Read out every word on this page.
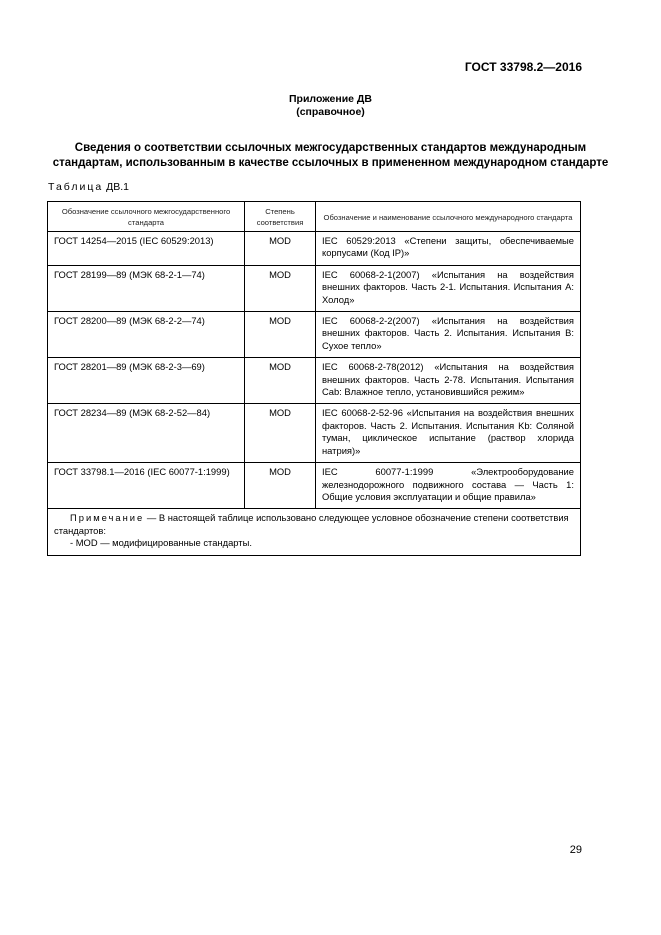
ГОСТ 33798.2—2016
Приложение ДВ
(справочное)
Сведения о соответствии ссылочных межгосударственных стандартов международным стандартам, использованным в качестве ссылочных в примененном международном стандарте
Таблица ДВ.1
Обозначение ссылочного межгосударственного стандарта	Степень соответствия	Обозначение и наименование ссылочного международного стандарта
ГОСТ 14254—2015 (IEC 60529:2013)	MOD	IEC 60529:2013 «Степени защиты, обеспечиваемые корпусами (Код IP)»
ГОСТ 28199—89 (МЭК 68-2-1—74)	MOD	IEC 60068-2-1(2007) «Испытания на воздействия внешних факторов. Часть 2-1. Испытания. Испытания А: Холод»
ГОСТ 28200—89 (МЭК 68-2-2—74)	MOD	IEC 60068-2-2(2007) «Испытания на воздействия внешних факторов. Часть 2. Испытания. Испытания В: Сухое тепло»
ГОСТ 28201—89 (МЭК 68-2-3—69)	MOD	IEC 60068-2-78(2012) «Испытания на воздействия внешних факторов. Часть 2-78. Испытания. Испытания Cab: Влажное тепло, установившийся режим»
ГОСТ 28234—89 (МЭК 68-2-52—84)	MOD	IEC 60068-2-52-96 «Испытания на воздействия внешних факторов. Часть 2. Испытания. Испытания Kb: Соляной туман, циклическое испытание (раствор хлорида натрия)»
ГОСТ 33798.1—2016 (IEC 60077-1:1999)	MOD	IEC 60077-1:1999 «Электрооборудование железнодорожного подвижного состава — Часть 1: Общие условия эксплуатации и общие правила»

Примечание — В настоящей таблице использовано следующее условное обозначение степени соответствия стандартов:
- MOD — модифицированные стандарты.		
29
